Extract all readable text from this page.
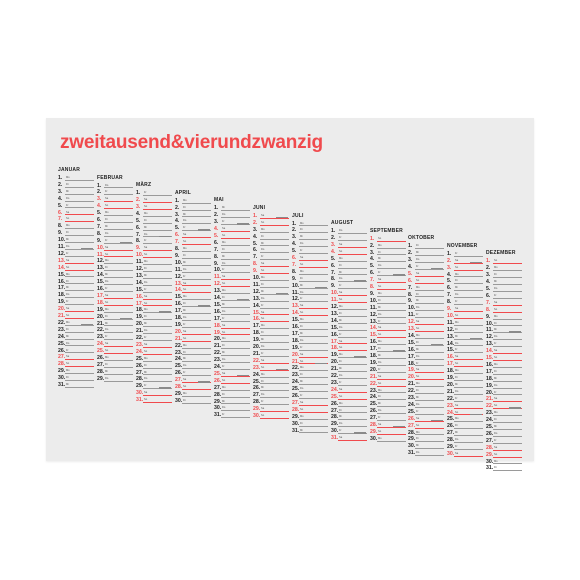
zweitausend&vierundzwanzig
JANUAR
1. $^{Mo}$
2. $^{Di}$
3. $^{Mi}$
4. $^{Do}$
5. $^{Fr}$
6. $^{Sa}$
7. $^{So}$
8. $^{Mo}$
9. $^{Di}$
10.$^{Mi}$
11.$^{Do}$
12.$^{Fr}$
13.$^{Sa}$
14.$^{So}$
15.$^{Mo}$
16.$^{Di}$
17.$^{Mi}$
18.$^{Do}$
19.$^{Fr}$
20.$^{Sa}$
21.$^{So}$
22.$^{Mo}$
23.$^{Di}$
24.$^{Mi}$
25.$^{Do}$
26.$^{Fr}$
27.$^{Sa}$
28.$^{So}$
29.$^{Mo}$
30.$^{Di}$
31.$^{Mi}$
FEBRUAR
1. $^{Do}$
2. $^{Fr}$
3. $^{Sa}$
4. $^{So}$
5. $^{Mo}$
6. $^{Di}$
7. $^{Mi}$
8. $^{Do}$
9. $^{Fr}$
10.$^{Sa}$
11.$^{So}$
12.$^{Mo}$
13.$^{Di}$
14.$^{Mi}$
15.$^{Do}$
16.$^{Fr}$
17.$^{Sa}$
18.$^{So}$
19.$^{Mo}$
20.$^{Di}$
21.$^{Mi}$
22.$^{Do}$
23.$^{Fr}$
24.$^{Sa}$
25.$^{So}$
26.$^{Mo}$
27.$^{Di}$
28.$^{Mi}$
29.$^{Do}$
MÄRZ
1. $^{Fr}$
2. $^{Sa}$
3. $^{So}$
4. $^{Mo}$
5. $^{Di}$
6. $^{Mi}$
7. $^{Do}$
8. $^{Fr}$
9. $^{Sa}$
10.$^{So}$
11.$^{Mo}$
12.$^{Di}$
13.$^{Mi}$
14.$^{Do}$
15.$^{Fr}$
16.$^{Sa}$
17.$^{So}$
18.$^{Mo}$
19.$^{Di}$
20.$^{Mi}$
21.$^{Do}$
22.$^{Fr}$
23.$^{Sa}$
24.$^{So}$
25.$^{Mo}$
26.$^{Di}$
27.$^{Mi}$
28.$^{Do}$
29.$^{Fr}$
30.$^{Sa}$
31.$^{So}$
APRIL
1. $^{Mo}$
2. $^{Di}$
3. $^{Mi}$
4. $^{Do}$
5. $^{Fr}$
6. $^{Sa}$
7. $^{So}$
8. $^{Mo}$
9. $^{Di}$
10.$^{Mi}$
11.$^{Do}$
12.$^{Fr}$
13.$^{Sa}$
14.$^{So}$
15.$^{Mo}$
16.$^{Di}$
17.$^{Mi}$
18.$^{Do}$
19.$^{Fr}$
20.$^{Sa}$
21.$^{So}$
22.$^{Mo}$
23.$^{Di}$
24.$^{Mi}$
25.$^{Do}$
26.$^{Fr}$
27.$^{Sa}$
28.$^{So}$
29.$^{Mo}$
30.$^{Di}$
MAI
1. $^{Mi}$
2. $^{Do}$
3. $^{Fr}$
4. $^{Sa}$
5. $^{So}$
6. $^{Mo}$
7. $^{Di}$
8. $^{Mi}$
9. $^{Do}$
10.$^{Fr}$
11.$^{Sa}$
12.$^{So}$
13.$^{Mo}$
14.$^{Di}$
15.$^{Mi}$
16.$^{Do}$
17.$^{Fr}$
18.$^{Sa}$
19.$^{So}$
20.$^{Mo}$
21.$^{Di}$
22.$^{Mi}$
23.$^{Do}$
24.$^{Fr}$
25.$^{Sa}$
26.$^{So}$
27.$^{Mo}$
28.$^{Di}$
29.$^{Mi}$
30.$^{Do}$
31.$^{Fr}$
JUNI
1. $^{Sa}$
2. $^{So}$
3. $^{Mo}$
4. $^{Di}$
5. $^{Mi}$
6. $^{Do}$
7. $^{Fr}$
8. $^{Sa}$
9. $^{So}$
10.$^{Mo}$
11.$^{Di}$
12.$^{Mi}$
13.$^{Do}$
14.$^{Fr}$
15.$^{Sa}$
16.$^{So}$
17.$^{Mo}$
18.$^{Di}$
19.$^{Mi}$
20.$^{Do}$
21.$^{Fr}$
22.$^{Sa}$
23.$^{So}$
24.$^{Mo}$
25.$^{Di}$
26.$^{Mi}$
27.$^{Do}$
28.$^{Fr}$
29.$^{Sa}$
30.$^{So}$
JULI
1. $^{Mo}$
2. $^{Di}$
3. $^{Mi}$
4. $^{Do}$
5. $^{Fr}$
6. $^{Sa}$
7. $^{So}$
8. $^{Mo}$
9. $^{Di}$
10.$^{Mi}$
11.$^{Do}$
12.$^{Fr}$
13.$^{Sa}$
14.$^{So}$
15.$^{Mo}$
16.$^{Di}$
17.$^{Mi}$
18.$^{Do}$
19.$^{Fr}$
20.$^{Sa}$
21.$^{So}$
22.$^{Mo}$
23.$^{Di}$
24.$^{Mi}$
25.$^{Do}$
26.$^{Fr}$
27.$^{Sa}$
28.$^{So}$
29.$^{Mo}$
30.$^{Di}$
31.$^{Mi}$
AUGUST
1. $^{Do}$
2. $^{Fr}$
3. $^{Sa}$
4. $^{So}$
5. $^{Mo}$
6. $^{Di}$
7. $^{Mi}$
8. $^{Do}$
9. $^{Fr}$
10.$^{Sa}$
11.$^{So}$
12.$^{Mo}$
13.$^{Di}$
14.$^{Mi}$
15.$^{Do}$
16.$^{Fr}$
17.$^{Sa}$
18.$^{So}$
19.$^{Mo}$
20.$^{Di}$
21.$^{Mi}$
22.$^{Do}$
23.$^{Fr}$
24.$^{Sa}$
25.$^{So}$
26.$^{Mo}$
27.$^{Di}$
28.$^{Mi}$
29.$^{Do}$
30.$^{Fr}$
31.$^{Sa}$
SEPTEMBER
1. $^{So}$
2. $^{Mo}$
3. $^{Di}$
4. $^{Mi}$
5. $^{Do}$
6. $^{Fr}$
7. $^{Sa}$
8. $^{So}$
9. $^{Mo}$
10.$^{Di}$
11.$^{Mi}$
12.$^{Do}$
13.$^{Fr}$
14.$^{Sa}$
15.$^{So}$
16.$^{Mo}$
17.$^{Di}$
18.$^{Mi}$
19.$^{Do}$
20.$^{Fr}$
21.$^{Sa}$
22.$^{So}$
23.$^{Mo}$
24.$^{Di}$
25.$^{Mi}$
26.$^{Do}$
27.$^{Fr}$
28.$^{Sa}$
29.$^{So}$
30.$^{Mo}$
OKTOBER
1. $^{Di}$
2. $^{Mi}$
3. $^{Do}$
4. $^{Fr}$
5. $^{Sa}$
6. $^{So}$
7. $^{Mo}$
8. $^{Di}$
9. $^{Mi}$
10.$^{Do}$
11.$^{Fr}$
12.$^{Sa}$
13.$^{So}$
14.$^{Mo}$
15.$^{Di}$
16.$^{Mi}$
17.$^{Do}$
18.$^{Fr}$
19.$^{Sa}$
20.$^{So}$
21.$^{Mo}$
22.$^{Di}$
23.$^{Mi}$
24.$^{Do}$
25.$^{Fr}$
26.$^{Sa}$
27.$^{So}$
28.$^{Mo}$
29.$^{Di}$
30.$^{Mi}$
31.$^{Do}$
NOVEMBER
1. $^{Fr}$
2. $^{Sa}$
3. $^{So}$
4. $^{Mo}$
5. $^{Di}$
6. $^{Mi}$
7. $^{Do}$
8. $^{Fr}$
9. $^{Sa}$
10.$^{So}$
11.$^{Mo}$
12.$^{Di}$
13.$^{Mi}$
14.$^{Do}$
15.$^{Fr}$
16.$^{Sa}$
17.$^{So}$
18.$^{Mo}$
19.$^{Di}$
20.$^{Mi}$
21.$^{Do}$
22.$^{Fr}$
23.$^{Sa}$
24.$^{So}$
25.$^{Mo}$
26.$^{Di}$
27.$^{Mi}$
28.$^{Do}$
29.$^{Fr}$
30.$^{Sa}$
DEZEMBER
1. $^{So}$
2. $^{Mo}$
3. $^{Di}$
4. $^{Mi}$
5. $^{Do}$
6. $^{Fr}$
7. $^{Sa}$
8. $^{So}$
9. $^{Mo}$
10.$^{Di}$
11.$^{Mi}$
12.$^{Do}$
13.$^{Fr}$
14.$^{Sa}$
15.$^{So}$
16.$^{Mo}$
17.$^{Di}$
18.$^{Mi}$
19.$^{Do}$
20.$^{Fr}$
21.$^{Sa}$
22.$^{So}$
23.$^{Mo}$
24.$^{Di}$
25.$^{Mi}$
26.$^{Do}$
27.$^{Fr}$
28.$^{Sa}$
29.$^{So}$
30.$^{Mo}$
31.$^{Di}$
